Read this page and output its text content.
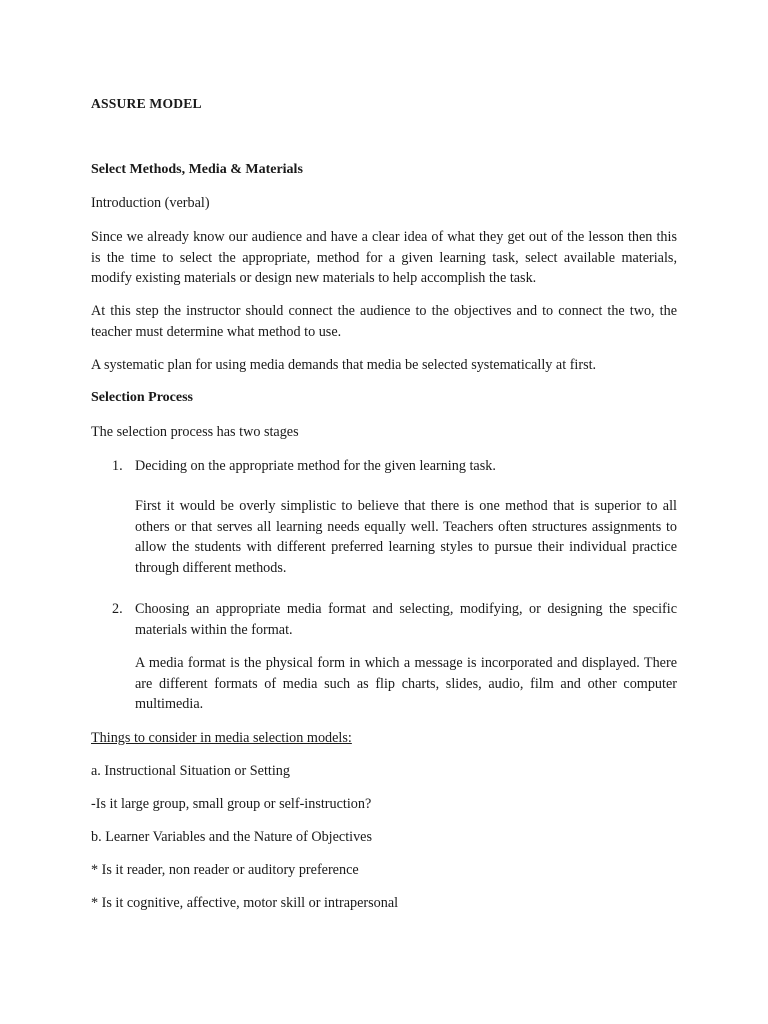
ASSURE MODEL
Select Methods, Media & Materials

Introduction (verbal)

Since we already know our audience and have a clear idea of what they get out of the lesson then this is the time to select the appropriate, method for a given learning task, select available materials, modify existing materials or design new materials to help accomplish the task.

At this step the instructor should connect the audience to the objectives and to connect the two, the teacher must determine what method to use.

A systematic plan for using media demands that media be selected systematically at first.

Selection Process

The selection process has two stages

1. Deciding on the appropriate method for the given learning task.

First it would be overly simplistic to believe that there is one method that is superior to all others or that serves all learning needs equally well. Teachers often structures assignments to allow the students with different preferred learning styles to pursue their individual practice through different methods.

2. Choosing an appropriate media format and selecting, modifying, or designing the specific materials within the format.

A media format is the physical form in which a message is incorporated and displayed. There are different formats of media such as flip charts, slides, audio, film and other computer multimedia.

Things to consider in media selection models:

a. Instructional Situation or Setting

-Is it large group, small group or self-instruction?

b. Learner Variables and the Nature of Objectives

* Is it reader, non reader or auditory preference

* Is it cognitive, affective, motor skill or intrapersonal
